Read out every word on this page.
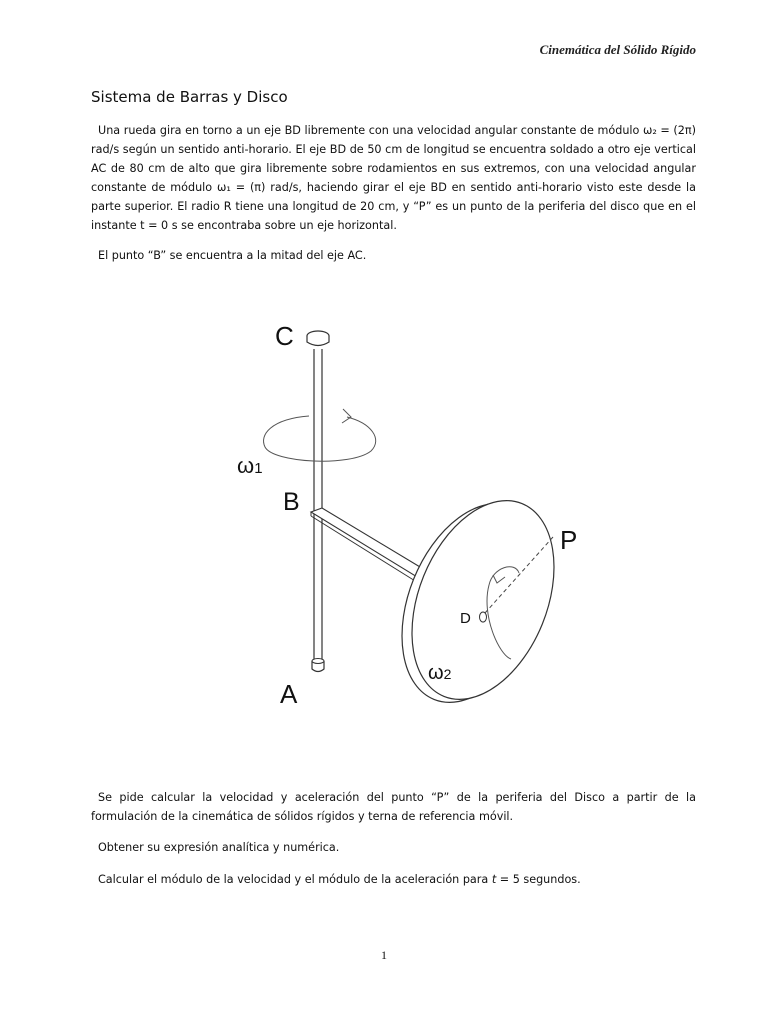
Cinemática del Sólido Rígido
Sistema de Barras y Disco
Una rueda gira en torno a un eje BD libremente con una velocidad angular constante de módulo ω₂ = (2π) rad/s según un sentido anti-horario. El eje BD de 50 cm de longitud se encuentra soldado a otro eje vertical AC de 80 cm de alto que gira libremente sobre rodamientos en sus extremos, con una velocidad angular constante de módulo ω₁ = (π) rad/s, haciendo girar el eje BD en sentido anti-horario visto este desde la parte superior. El radio R tiene una longitud de 20 cm, y “P” es un punto de la periferia del disco que en el instante t = 0 s se encontraba sobre un eje horizontal.
El punto “B” se encuentra a la mitad del eje AC.
C
B
A
P
D
ω1
ω2
Se pide calcular la velocidad y aceleración del punto “P” de la periferia del Disco a partir de la formulación de la cinemática de sólidos rígidos y terna de referencia móvil.
Obtener su expresión analítica y numérica.
Calcular el módulo de la velocidad y el módulo de la aceleración para t = 5 segundos.
1
